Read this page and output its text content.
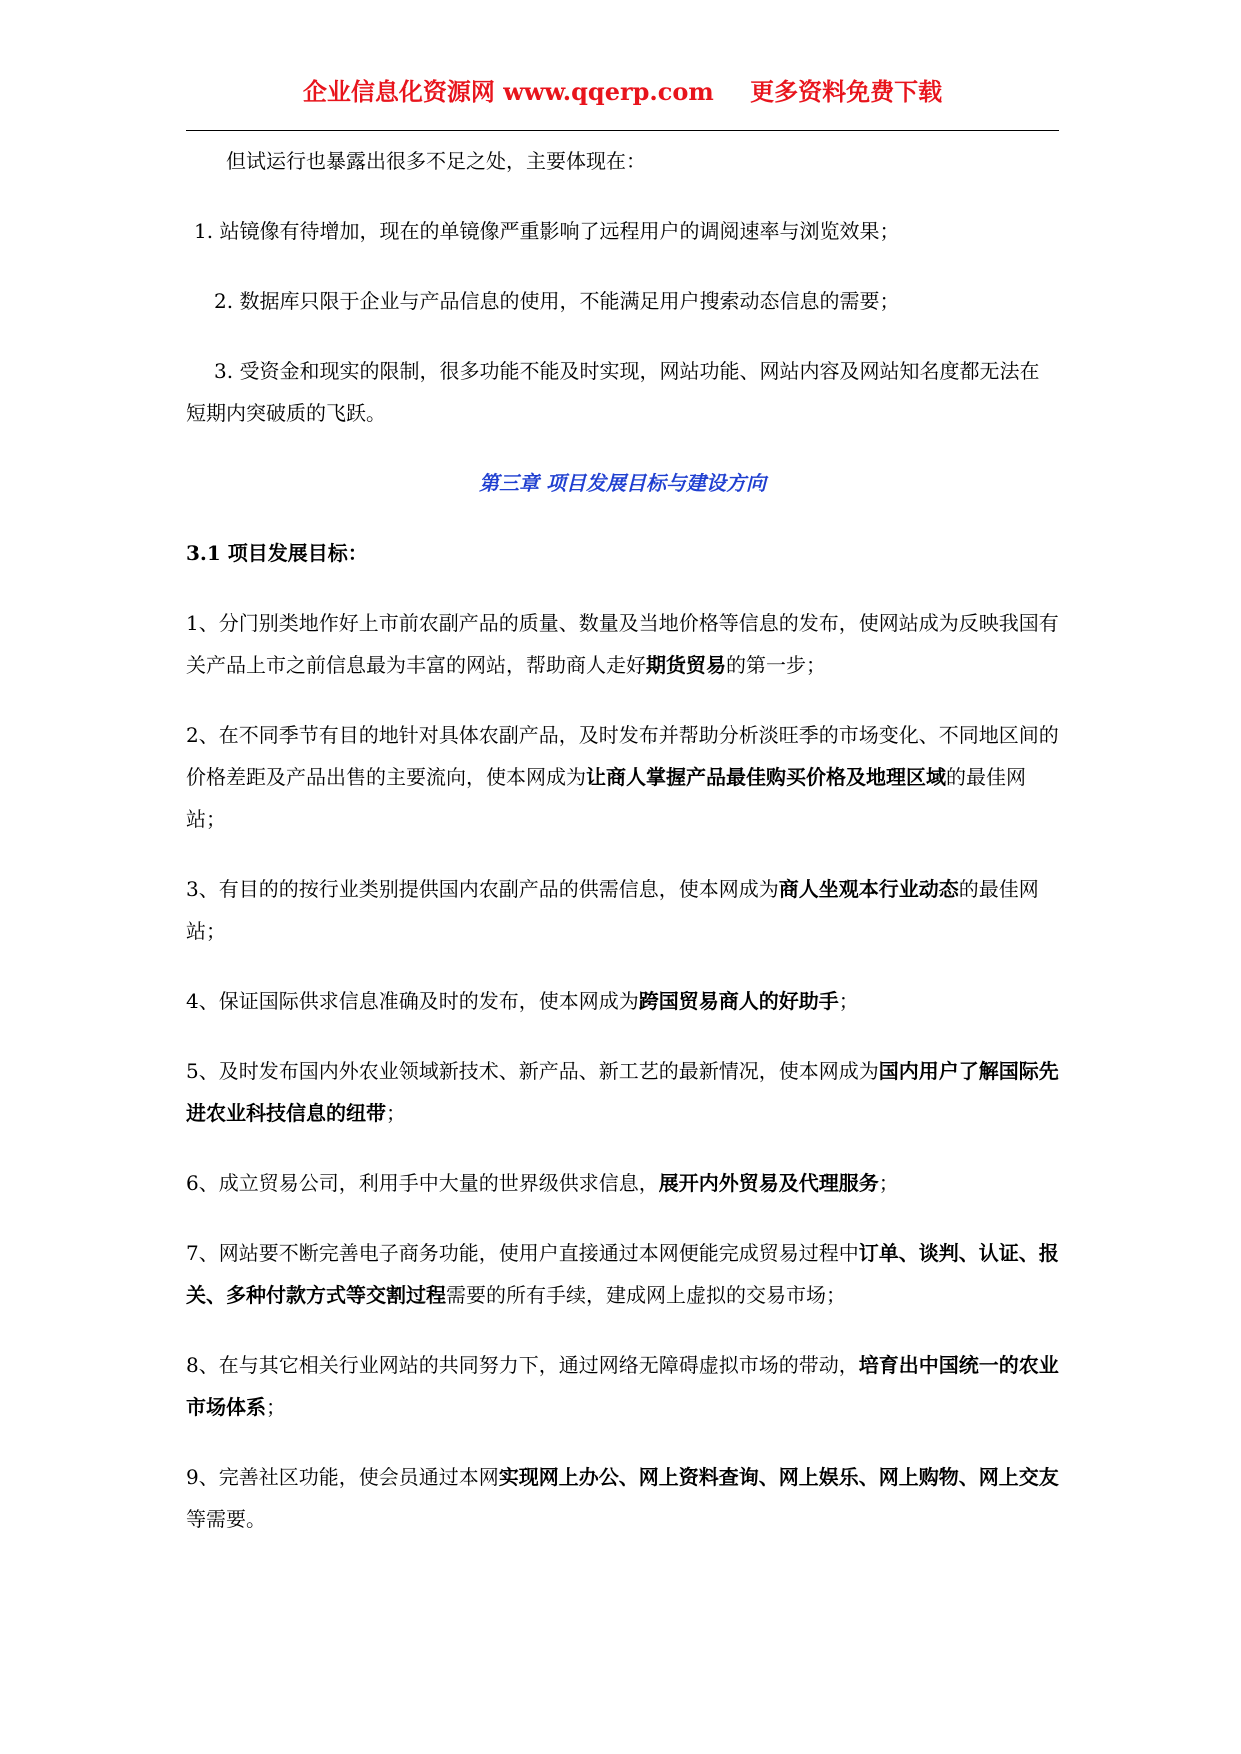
企业信息化资源网 www.qqerp.com 更多资料免费下载

但试运行也暴露出很多不足之处，主要体现在：

1. 站镜像有待增加，现在的单镜像严重影响了远程用户的调阅速率与浏览效果；

2. 数据库只限于企业与产品信息的使用，不能满足用户搜索动态信息的需要；

3. 受资金和现实的限制，很多功能不能及时实现，网站功能、网站内容及网站知名度都无法在短期内突破质的飞跃。

第三章 项目发展目标与建设方向

3.1 项目发展目标：

1、分门别类地作好上市前农副产品的质量、数量及当地价格等信息的发布，使网站成为反映我国有关产品上市之前信息最为丰富的网站，帮助商人走好期货贸易的第一步；

2、在不同季节有目的地针对具体农副产品，及时发布并帮助分析淡旺季的市场变化、不同地区间的价格差距及产品出售的主要流向，使本网成为让商人掌握产品最佳购买价格及地理区域的最佳网站；

3、有目的的按行业类别提供国内农副产品的供需信息，使本网成为商人坐观本行业动态的最佳网站；

4、保证国际供求信息准确及时的发布，使本网成为跨国贸易商人的好助手；

5、及时发布国内外农业领域新技术、新产品、新工艺的最新情况，使本网成为国内用户了解国际先进农业科技信息的纽带；

6、成立贸易公司，利用手中大量的世界级供求信息，展开内外贸易及代理服务；

7、网站要不断完善电子商务功能，使用户直接通过本网便能完成贸易过程中订单、谈判、认证、报关、多种付款方式等交割过程需要的所有手续，建成网上虚拟的交易市场；

8、在与其它相关行业网站的共同努力下，通过网络无障碍虚拟市场的带动，培育出中国统一的农业市场体系；

9、完善社区功能，使会员通过本网实现网上办公、网上资料查询、网上娱乐、网上购物、网上交友等需要。
